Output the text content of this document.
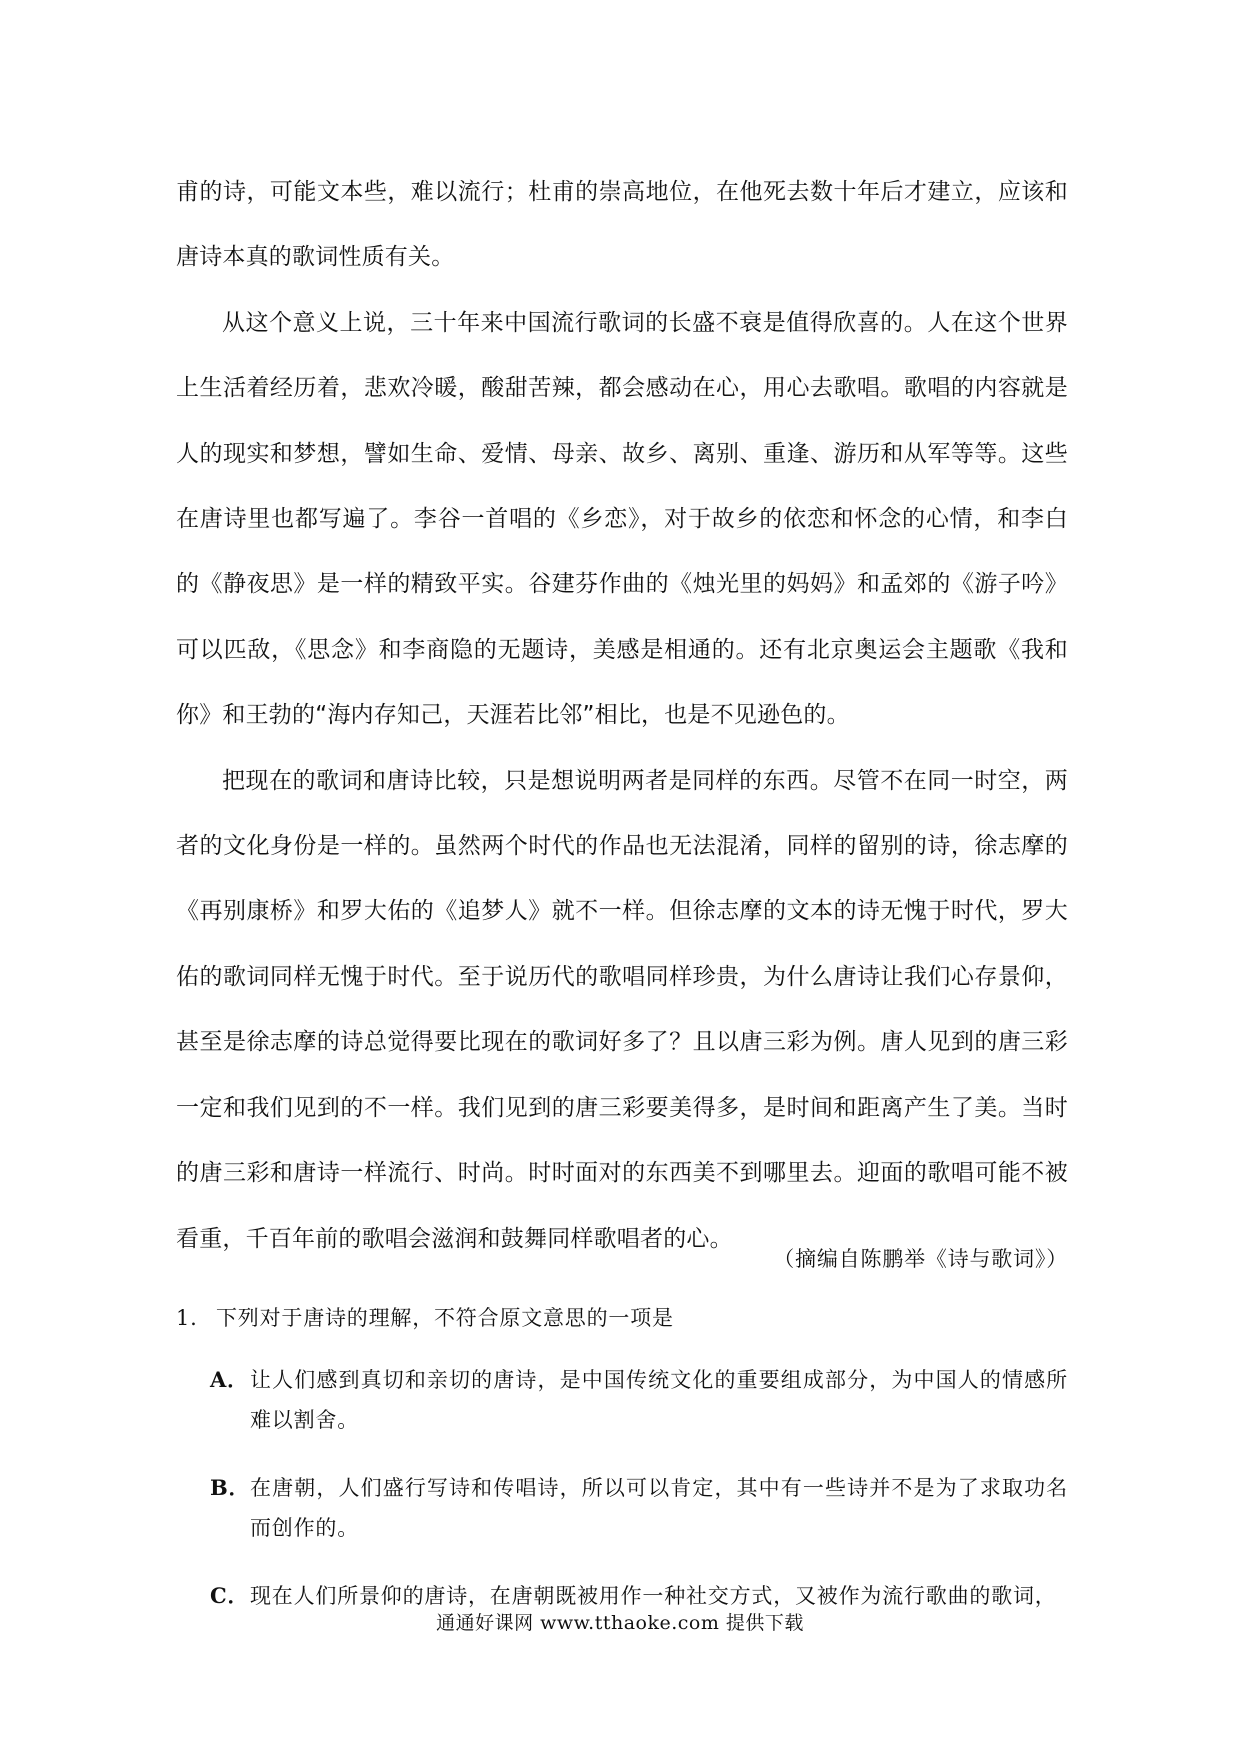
甫的诗，可能文本些，难以流行；杜甫的崇高地位，在他死去数十年后才建立，应该和唐诗本真的歌词性质有关。

从这个意义上说，三十年来中国流行歌词的长盛不衰是值得欣喜的。人在这个世界上生活着经历着，悲欢冷暖，酸甜苦辣，都会感动在心，用心去歌唱。歌唱的内容就是人的现实和梦想，譬如生命、爱情、母亲、故乡、离别、重逢、游历和从军等等。这些在唐诗里也都写遍了。李谷一首唱的《乡恋》，对于故乡的依恋和怀念的心情，和李白的《静夜思》是一样的精致平实。谷建芬作曲的《烛光里的妈妈》和孟郊的《游子吟》可以匹敌，《思念》和李商隐的无题诗，美感是相通的。还有北京奥运会主题歌《我和你》和王勃的“海内存知己，天涯若比邻”相比，也是不见逊色的。

把现在的歌词和唐诗比较，只是想说明两者是同样的东西。尽管不在同一时空，两者的文化身份是一样的。虽然两个时代的作品也无法混淆，同样的留别的诗，徐志摩的《再别康桥》和罗大佑的《追梦人》就不一样。但徐志摩的文本的诗无愧于时代，罗大佑的歌词同样无愧于时代。至于说历代的歌唱同样珍贵，为什么唐诗让我们心存景仰，甚至是徐志摩的诗总觉得要比现在的歌词好多了？且以唐三彩为例。唐人见到的唐三彩一定和我们见到的不一样。我们见到的唐三彩要美得多，是时间和距离产生了美。当时的唐三彩和唐诗一样流行、时尚。时时面对的东西美不到哪里去。迎面的歌唱可能不被看重，千百年前的歌唱会滋润和鼓舞同样歌唱者的心。

（摘编自陈鹏举《诗与歌词》）
1. 下列对于唐诗的理解，不符合原文意思的一项是
A． 让人们感到真切和亲切的唐诗，是中国传统文化的重要组成部分，为中国人的情感所难以割舍。
B． 在唐朝，人们盛行写诗和传唱诗，所以可以肯定，其中有一些诗并不是为了求取功名而创作的。
C． 现在人们所景仰的唐诗，在唐朝既被用作一种社交方式，又被作为流行歌曲的歌词，
通通好课网 www.tthaoke.com 提供下载
